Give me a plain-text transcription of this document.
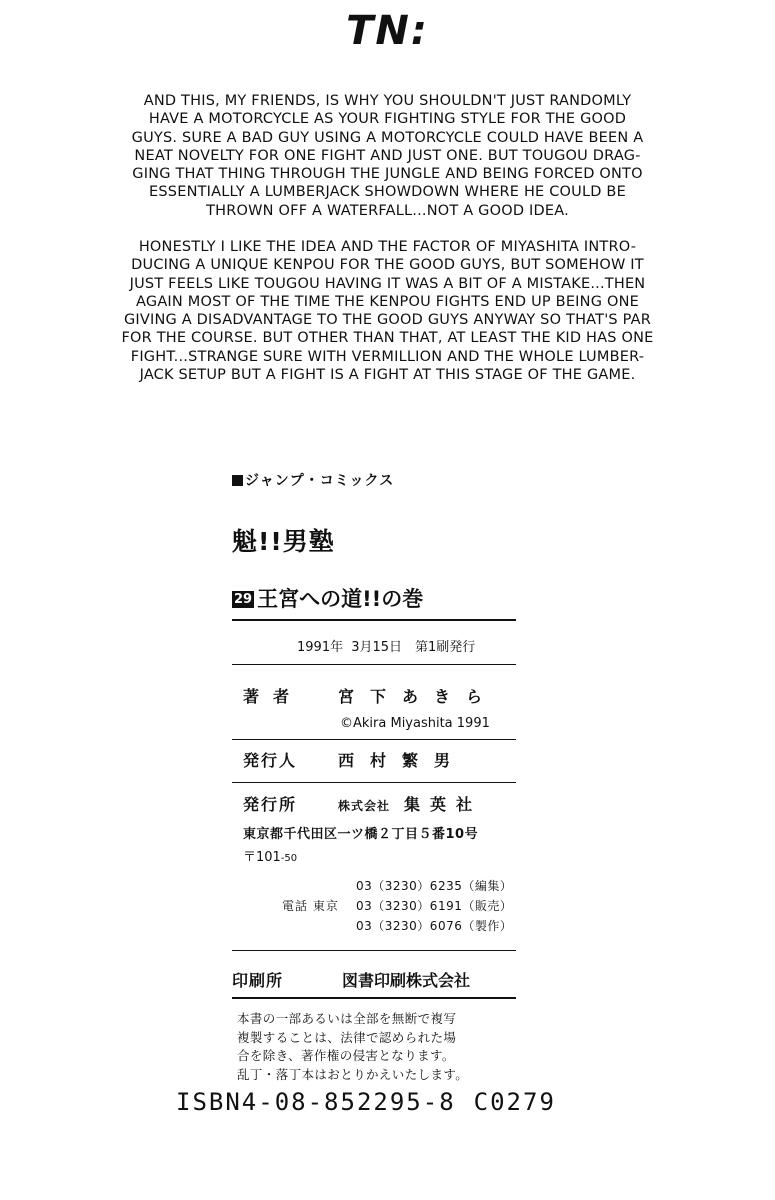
TN:

AND THIS, MY FRIENDS, IS WHY YOU SHOULDN'T JUST RANDOMLY
HAVE A MOTORCYCLE AS YOUR FIGHTING STYLE FOR THE GOOD
GUYS. SURE A BAD GUY USING A MOTORCYCLE COULD HAVE BEEN A
NEAT NOVELTY FOR ONE FIGHT AND JUST ONE. BUT TOUGOU DRAG-
GING THAT THING THROUGH THE JUNGLE AND BEING FORCED ONTO
ESSENTIALLY A LUMBERJACK SHOWDOWN WHERE HE COULD BE
THROWN OFF A WATERFALL...NOT A GOOD IDEA.

HONESTLY I LIKE THE IDEA AND THE FACTOR OF MIYASHITA INTRO-
DUCING A UNIQUE KENPOU FOR THE GOOD GUYS, BUT SOMEHOW IT
JUST FEELS LIKE TOUGOU HAVING IT WAS A BIT OF A MISTAKE...THEN
AGAIN MOST OF THE TIME THE KENPOU FIGHTS END UP BEING ONE
GIVING A DISADVANTAGE TO THE GOOD GUYS ANYWAY SO THAT'S PAR
FOR THE COURSE. BUT OTHER THAN THAT, AT LEAST THE KID HAS ONE
FIGHT...STRANGE SURE WITH VERMILLION AND THE WHOLE LUMBER-
JACK SETUP BUT A FIGHT IS A FIGHT AT THIS STAGE OF THE GAME.

ジャンプ・コミックス
魁!!男塾
29 王宮への道!!の巻
1991年 3月15日　第1刷発行
著者 宮下あきら
©Akira Miyashita 1991
発行人	西村繁男
発行所	株式会社 集英社
東京都千代田区一ツ橋２丁目５番10号
〒101-50
03（3230）6235（編集）
電話 東京 03（3230）6191（販売）
03（3230）6076（製作）
印刷所	図書印刷株式会社
本書の一部あるいは全部を無断で複写
複製することは、法律で認められた場
合を除き、著作権の侵害となります。
乱丁・落丁本はおとりかえいたします。
ISBN4-08-852295-8 C0279
